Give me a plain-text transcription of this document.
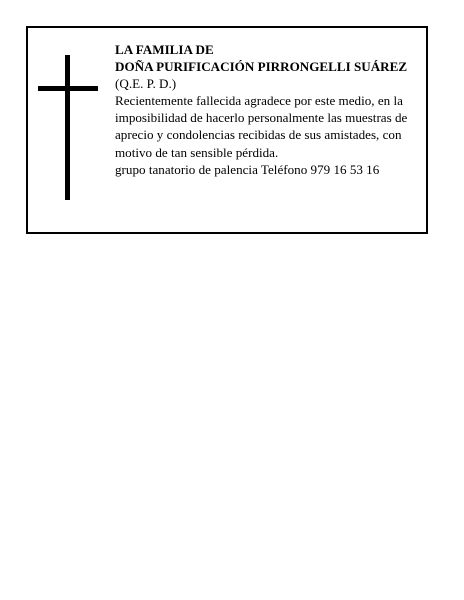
LA FAMILIA DE
DOÑA PURIFICACIÓN PIRRONGELLI SUÁREZ
(Q.E. P. D.)
Recientemente fallecida agradece por este medio, en la
imposibilidad de hacerlo personalmente las muestras de
aprecio y condolencias recibidas de sus amistades, con
motivo de tan sensible pérdida.
grupo tanatorio de palencia Teléfono 979 16 53 16
